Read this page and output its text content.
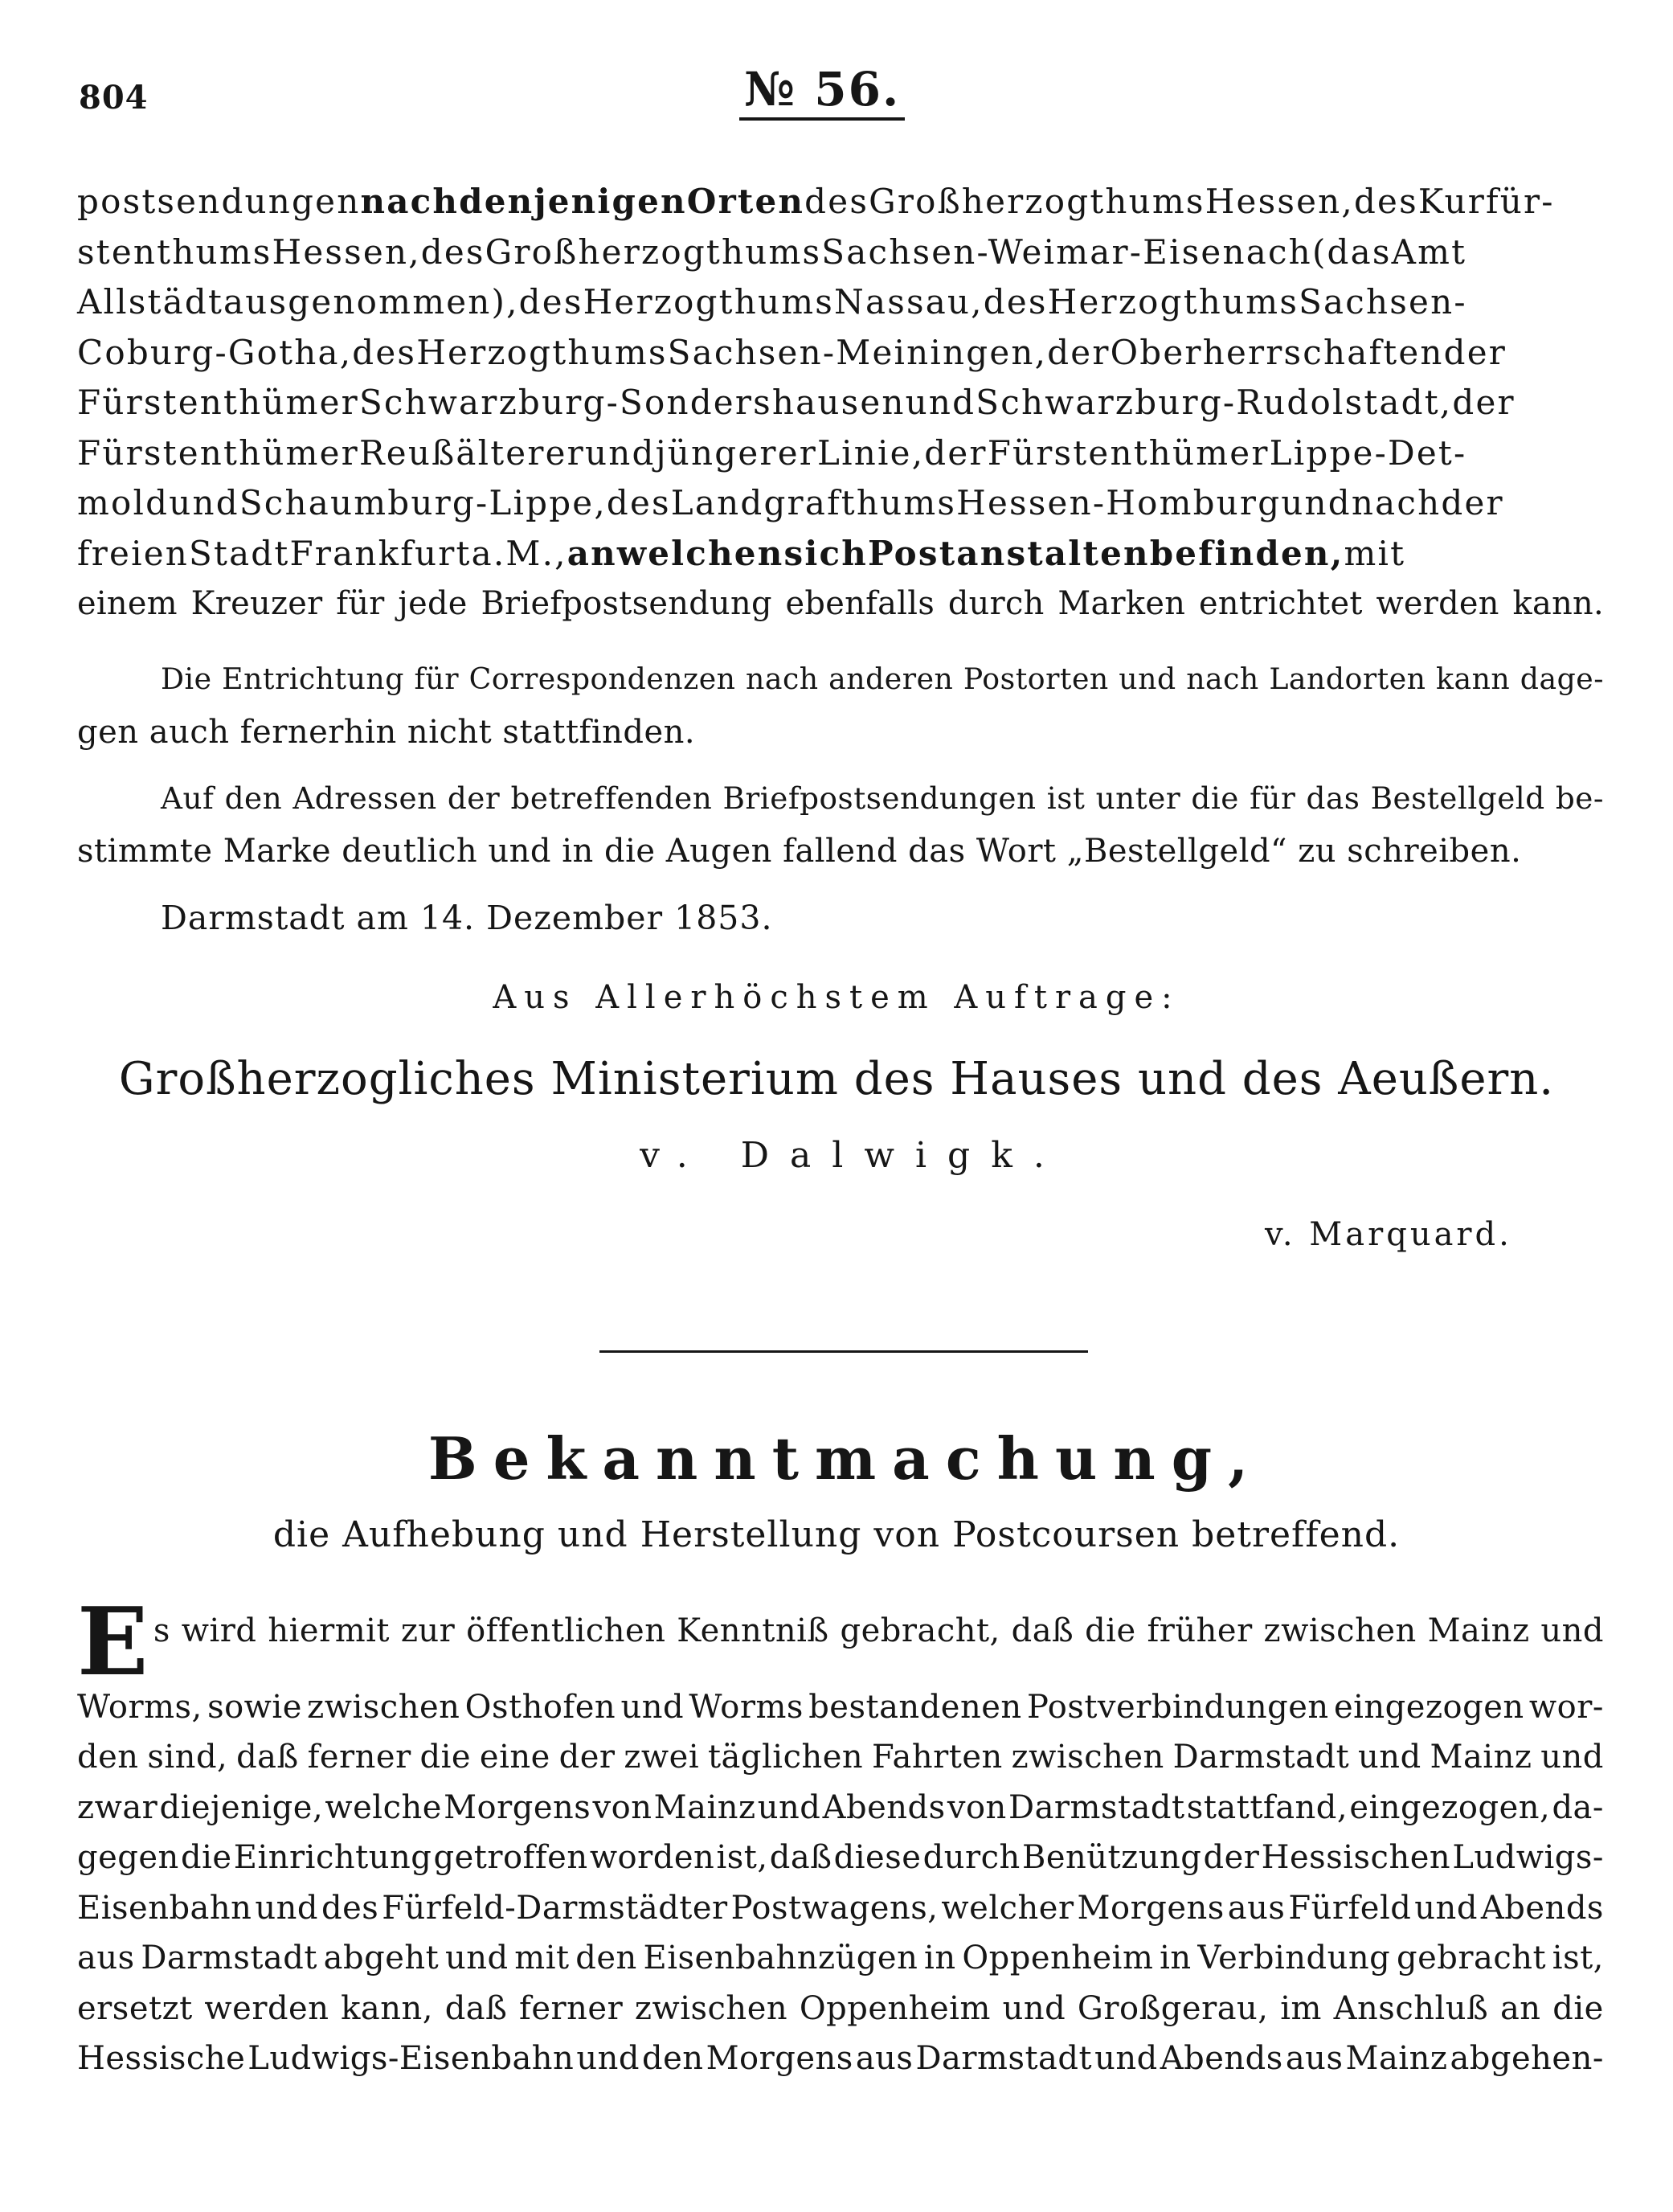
804	№ 56.
postsendungennachdenjenigenOrtendesGroßherzogthumsHessen,desKurfür-
stenthumsHessen,desGroßherzogthumsSachsen-Weimar-Eisenach(dasAmt
Allstädtausgenommen),desHerzogthumsNassau,desHerzogthumsSachsen-
Coburg-Gotha,desHerzogthumsSachsen-Meiningen,derOberherrschaftender
FürstenthümerSchwarzburg-SondershausenundSchwarzburg-Rudolstadt,der
FürstenthümerReußältererundjüngererLinie,derFürstenthümerLippe-Det-
moldundSchaumburg-Lippe,desLandgrafthumsHessen-Homburgundnachder
freienStadtFrankfurta.M.,anwelchensichPostanstaltenbefinden,mit
einem Kreuzer für jede Briefpostsendung ebenfalls durch Marken entrichtet werden kann.
Die Entrichtung für Correspondenzen nach anderen Postorten und nach Landorten kann dage-
gen auch fernerhin nicht stattfinden.
Auf den Adressen der betreffenden Briefpostsendungen ist unter die für das Bestellgeld be-
stimmte Marke deutlich und in die Augen fallend das Wort „Bestellgeld“ zu schreiben.
Darmstadt am 14. Dezember 1853.
Aus Allerhöchstem Auftrage:
Großherzogliches Ministerium des Hauses und des Aeußern.
v. Dalwigk.
v. Marquard.
Bekanntmachung,
die Aufhebung und Herstellung von Postcoursen betreffend.
E s wird hiermit zur öffentlichen Kenntniß gebracht, daß die früher zwischen Mainz und
Worms, sowie zwischen Osthofen und Worms bestandenen Postverbindungen eingezogen wor-
den sind, daß ferner die eine der zwei täglichen Fahrten zwischen Darmstadt und Mainz und
zwar diejenige, welche Morgens von Mainz und Abends von Darmstadt stattfand, eingezogen, da-
gegen die Einrichtung getroffen worden ist, daß diese durch Benützung der Hessischen Ludwigs-
Eisenbahn und des Fürfeld-Darmstädter Postwagens, welcher Morgens aus Fürfeld und Abends
aus Darmstadt abgeht und mit den Eisenbahnzügen in Oppenheim in Verbindung gebracht ist,
ersetzt werden kann, daß ferner zwischen Oppenheim und Großgerau, im Anschluß an die
Hessische Ludwigs-Eisenbahn und den Morgens aus Darmstadt und Abends aus Mainz abgehen-
